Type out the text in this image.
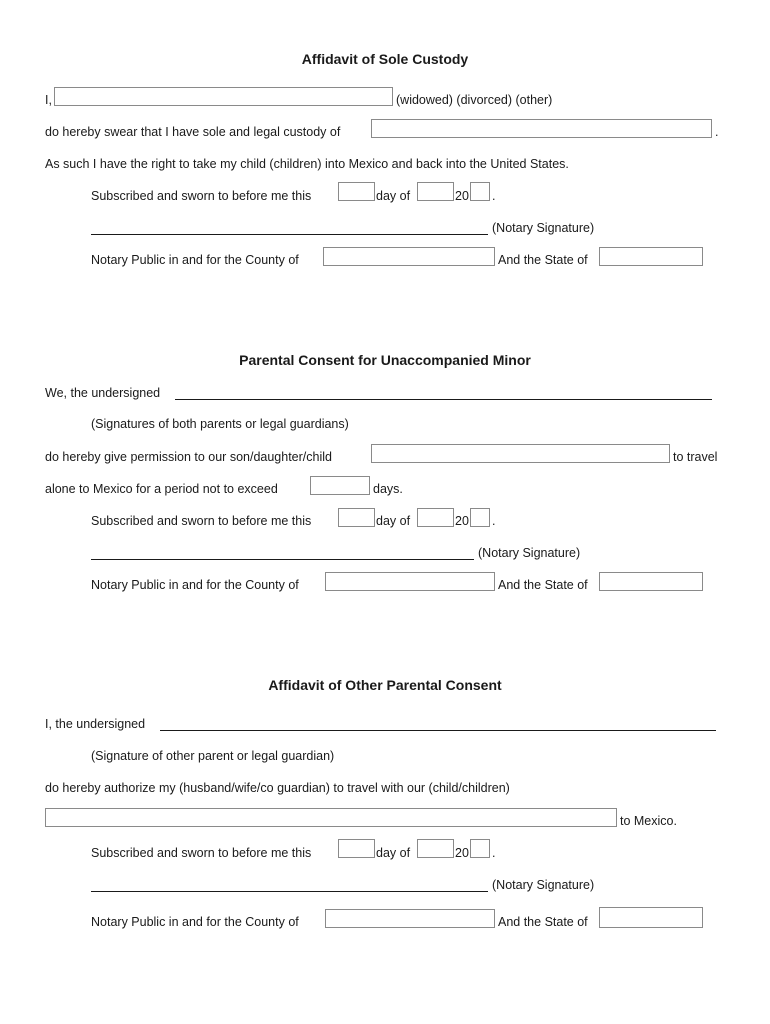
Affidavit of Sole Custody
I,	(widowed) (divorced) (other)
do hereby swear that I have sole and legal custody of	.
As such I have the right to take my child (children) into Mexico and back into the United States.
Subscribed and sworn to before me this	day of	20 .
(Notary Signature)
Notary Public in and for the County of	And the State of
Parental Consent for Unaccompanied Minor
We, the undersigned
(Signatures of both parents or legal guardians)
do hereby give permission to our son/daughter/child	to travel
alone to Mexico for a period not to exceed	days.
Subscribed and sworn to before me this	day of	20 .
(Notary Signature)
Notary Public in and for the County of	And the State of
Affidavit of Other Parental Consent
I, the undersigned
(Signature of other parent or legal guardian)
do hereby authorize my (husband/wife/co guardian) to travel with our (child/children)
to Mexico.
Subscribed and sworn to before me this	day of	20 .
(Notary Signature)
Notary Public in and for the County of	And the State of
